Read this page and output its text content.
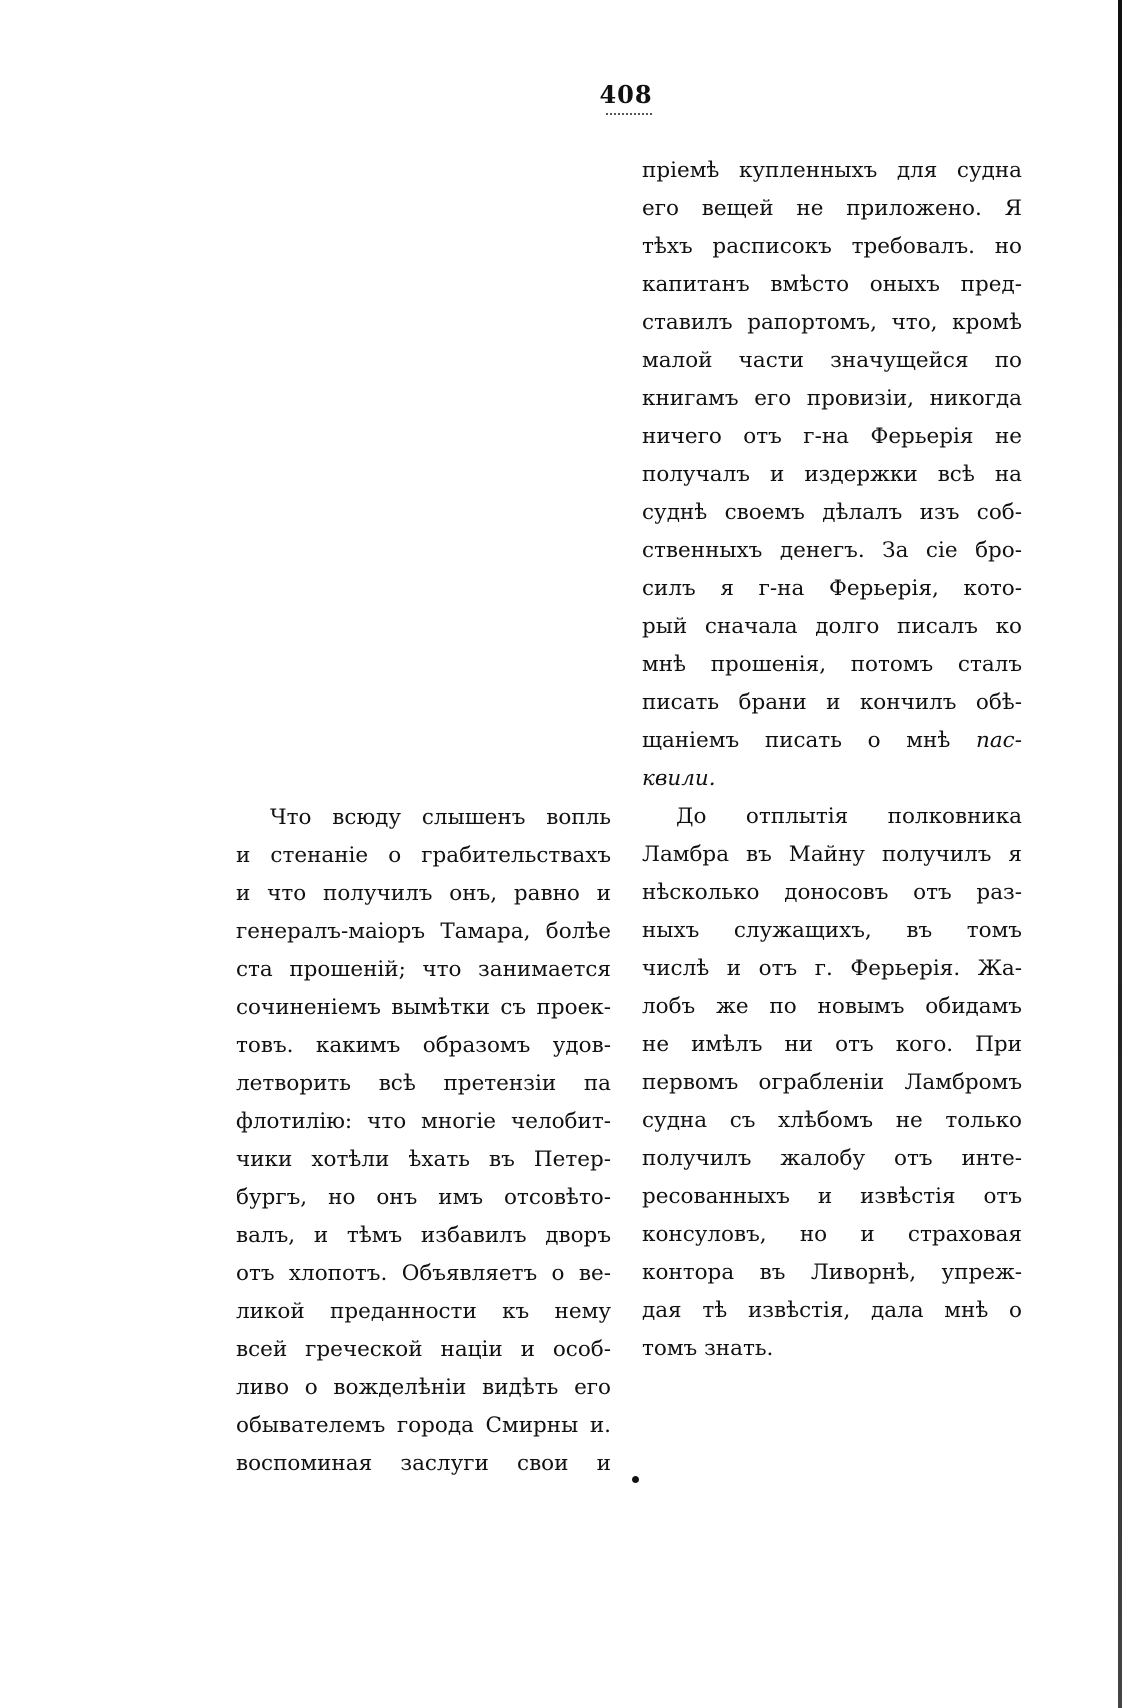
408
пріемѣ купленныхъ для судна
его вещей не приложено. Я
тѣхъ расписокъ требовалъ. но
капитанъ вмѣсто оныхъ пред-
ставилъ рапортомъ, что, кромѣ
малой части значущейся по
книгамъ его провизіи, никогда
ничего отъ г-на Ферьерія не
получалъ и издержки всѣ на
суднѣ своемъ дѣлалъ изъ соб-
ственныхъ денегъ. За сіе бро-
силъ я г-на Ферьерія, кото-
рый сначала долго писалъ ко
мнѣ прошенія, потомъ сталъ
писать брани и кончилъ обѣ-
щаніемъ писать о мнѣ пас-
квили.
До отплытія полковника
Ламбра въ Майну получилъ я
нѣсколько доносовъ отъ раз-
ныхъ служащихъ, въ томъ
числѣ и отъ г. Ферьерія. Жа-
лобъ же по новымъ обидамъ
не имѣлъ ни отъ кого. При
первомъ ограбленіи Ламбромъ
судна съ хлѣбомъ не только
получилъ жалобу отъ инте-
ресованныхъ и извѣстія отъ
консуловъ, но и страховая
контора въ Ливорнѣ, упреж-
дая тѣ извѣстія, дала мнѣ о
томъ знать.
Что всюду слышенъ вопль
и стенаніе о грабительствахъ
и что получилъ онъ, равно и
генералъ-маіоръ Тамара, болѣе
ста прошеній; что занимается
сочиненіемъ вымѣтки съ проек-
товъ. какимъ образомъ удов-
летворить всѣ претензіи па
флотилію: что многіе челобит-
чики хотѣли ѣхать въ Петер-
бургъ, но онъ имъ отсовѣто-
валъ, и тѣмъ избавилъ дворъ
отъ хлопотъ. Объявляетъ о ве-
ликой преданности къ нему
всей греческой націи и особ-
ливо о вожделѣніи видѣть его
обывателемъ города Смирны и.
воспоминая заслуги свои и
